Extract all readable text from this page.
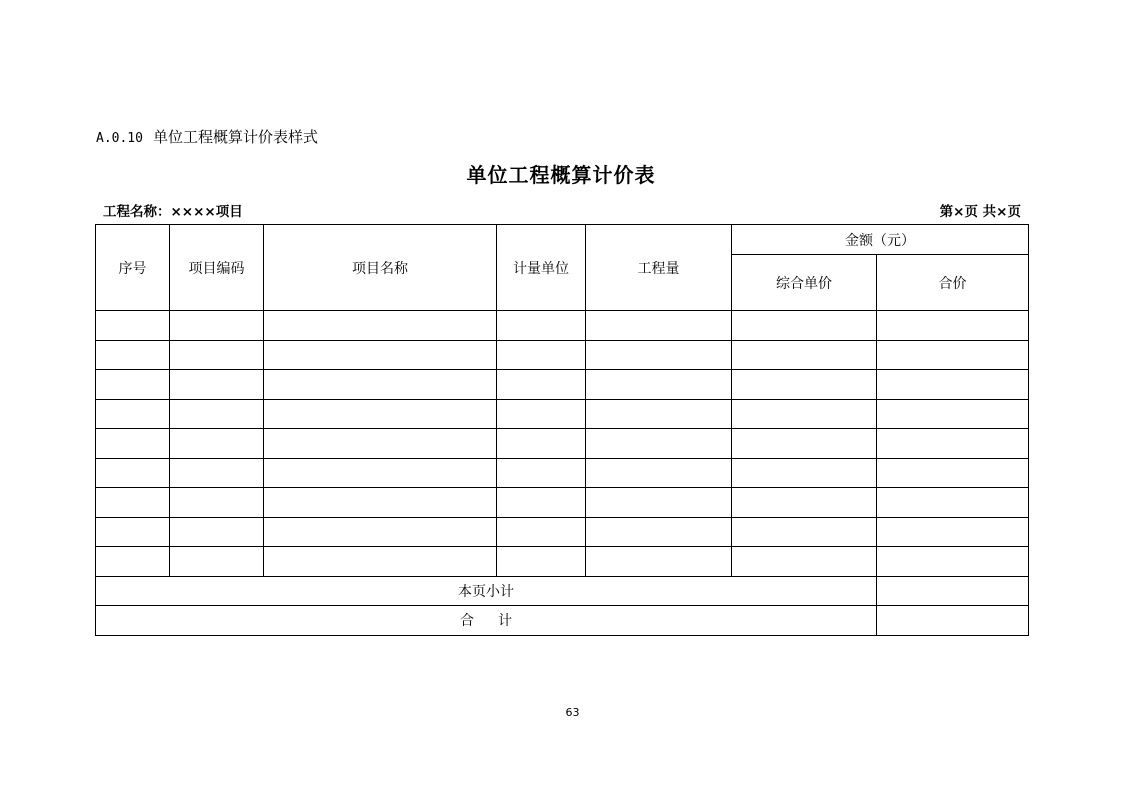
A.0.10 单位工程概算计价表样式
单位工程概算计价表
工程名称：××××项目	第×页 共×页
序号	项目编码	项目名称	计量单位	工程量	金额（元）	
					综合单价	合价

本页小计						
合计						
63
